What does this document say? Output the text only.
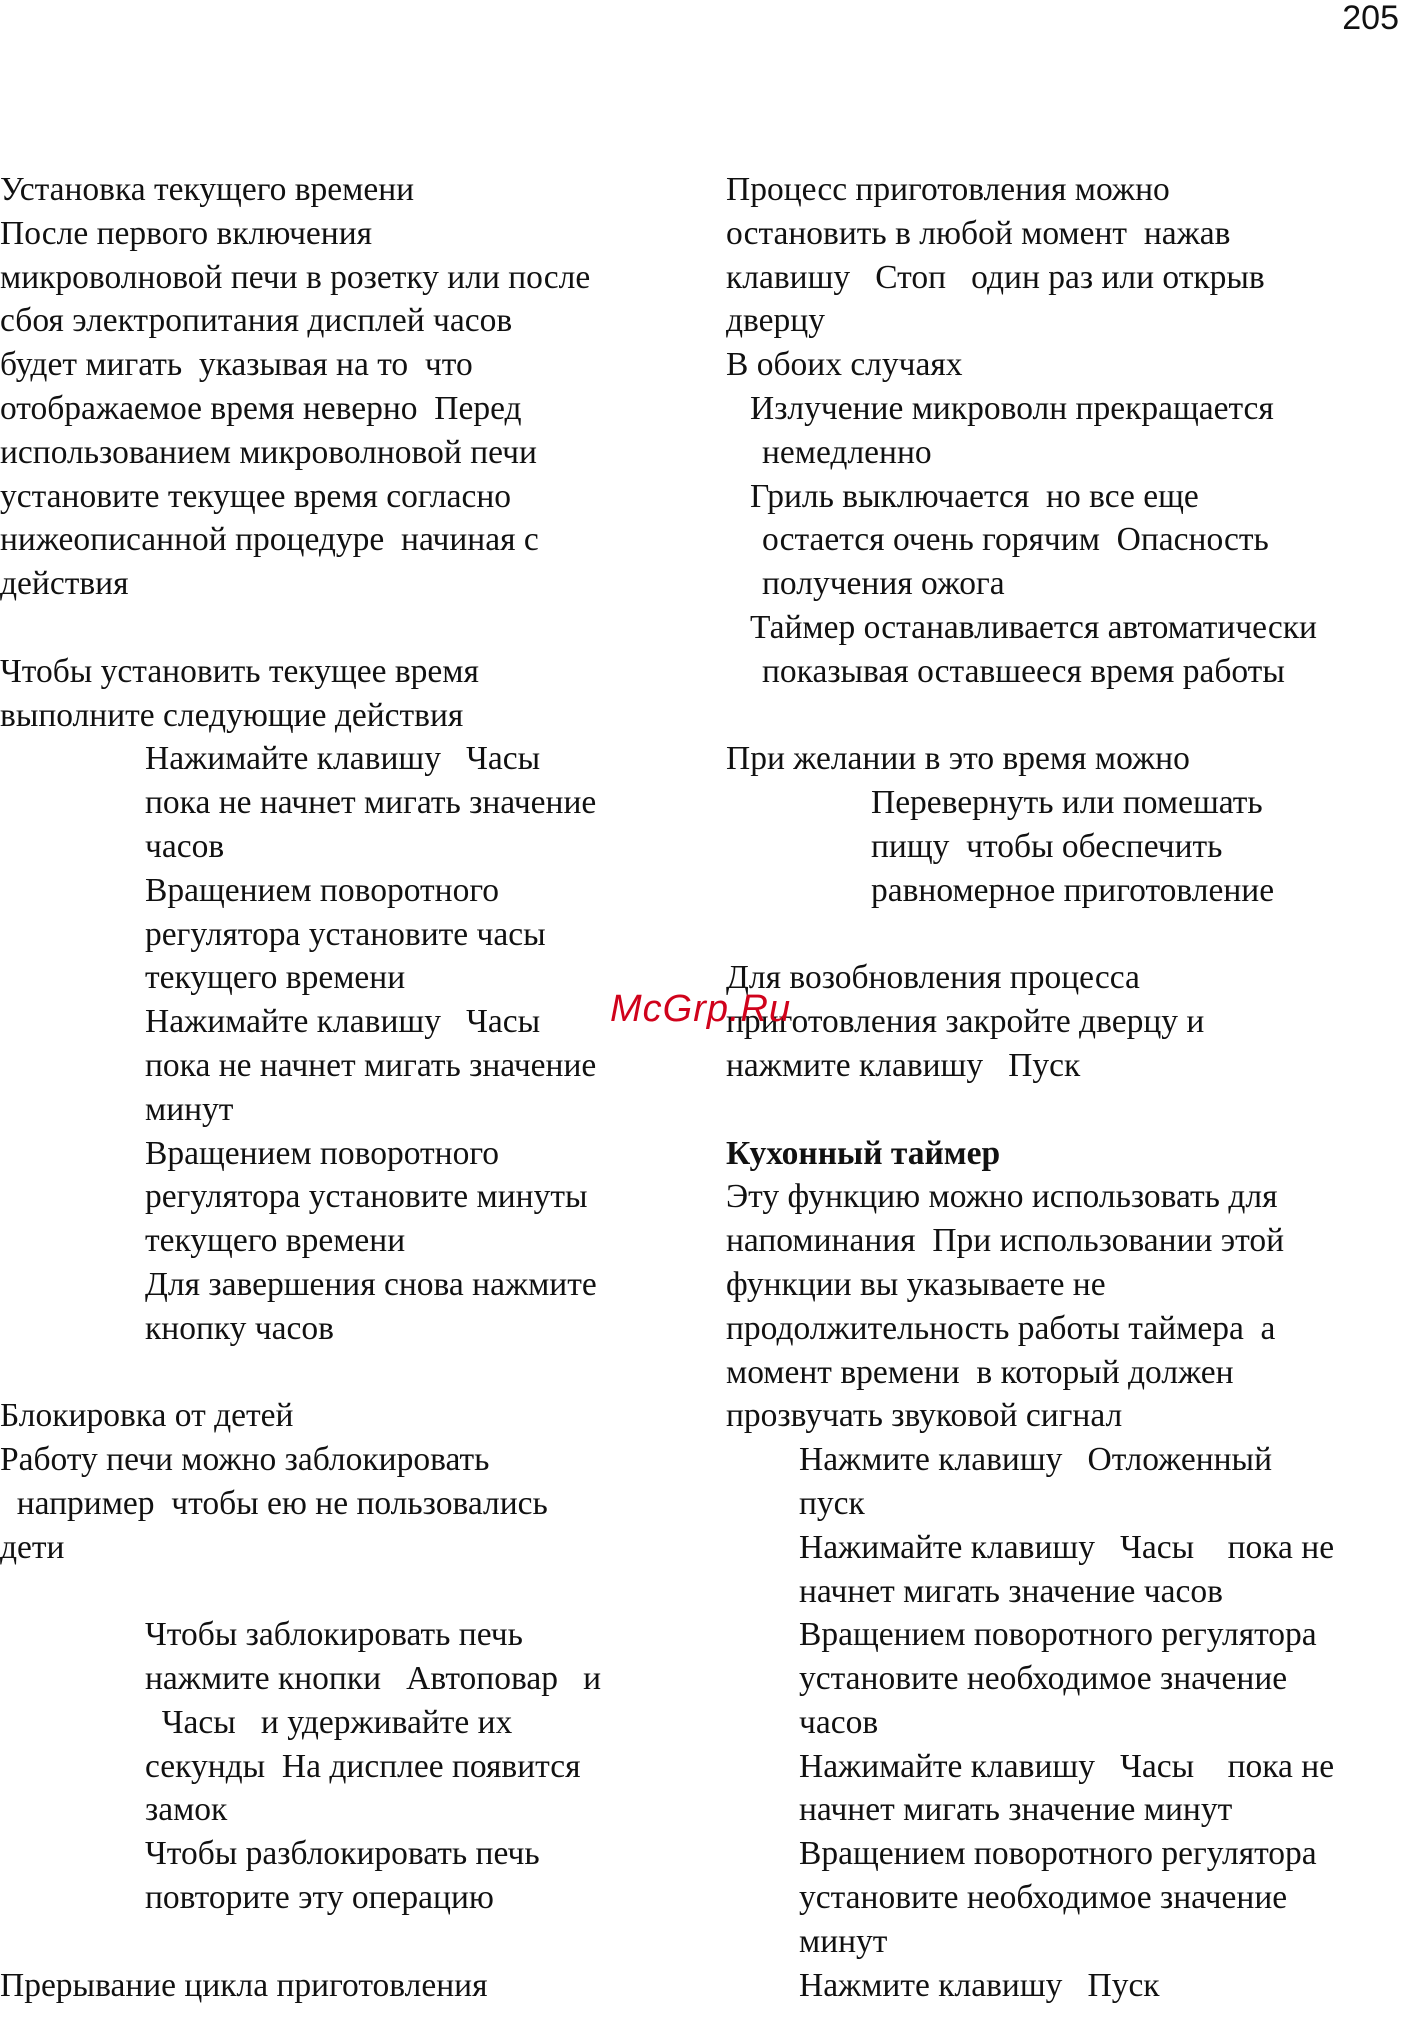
205
Установка текущего времени
После первого включения
микроволновой печи в розетку или после
сбоя электропитания дисплей часов
будет мигать  указывая на то  что
отображаемое время неверно  Перед
использованием микроволновой печи
установите текущее время согласно
нижеописанной процедуре  начиная с
действия
Чтобы установить текущее время
выполните следующие действия
Нажимайте клавишу   Часы
пока не начнет мигать значение
часов
Вращением поворотного
регулятора установите часы
текущего времени
Нажимайте клавишу   Часы
пока не начнет мигать значение
минут
Вращением поворотного
регулятора установите минуты
текущего времени
Для завершения снова нажмите
кнопку часов
Блокировка от детей
Работу печи можно заблокировать
например  чтобы ею не пользовались
дети
Чтобы заблокировать печь
нажмите кнопки   Автоповар   и
Часы   и удерживайте их
секунды  На дисплее появится
замок
Чтобы разблокировать печь
повторите эту операцию
Прерывание цикла приготовления
Процесс приготовления можно
остановить в любой момент  нажав
клавишу   Стоп   один раз или открыв
дверцу
В обоих случаях
Излучение микроволн прекращается
немедленно
Гриль выключается  но все еще
остается очень горячим  Опасность
получения ожога
Таймер останавливается автоматически
показывая оставшееся время работы
При желании в это время можно
Перевернуть или помешать
пищу  чтобы обеспечить
равномерное приготовление
Для возобновления процесса
приготовления закройте дверцу и
нажмите клавишу   Пуск
Кухонный таймер
Эту функцию можно использовать для
напоминания  При использовании этой
функции вы указываете не
продолжительность работы таймера  а
момент времени  в который должен
прозвучать звуковой сигнал
Нажмите клавишу   Отложенный
пуск
Нажимайте клавишу   Часы    пока не
начнет мигать значение часов
Вращением поворотного регулятора
установите необходимое значение
часов
Нажимайте клавишу   Часы    пока не
начнет мигать значение минут
Вращением поворотного регулятора
установите необходимое значение
минут
Нажмите клавишу   Пуск
McGrp.Ru
